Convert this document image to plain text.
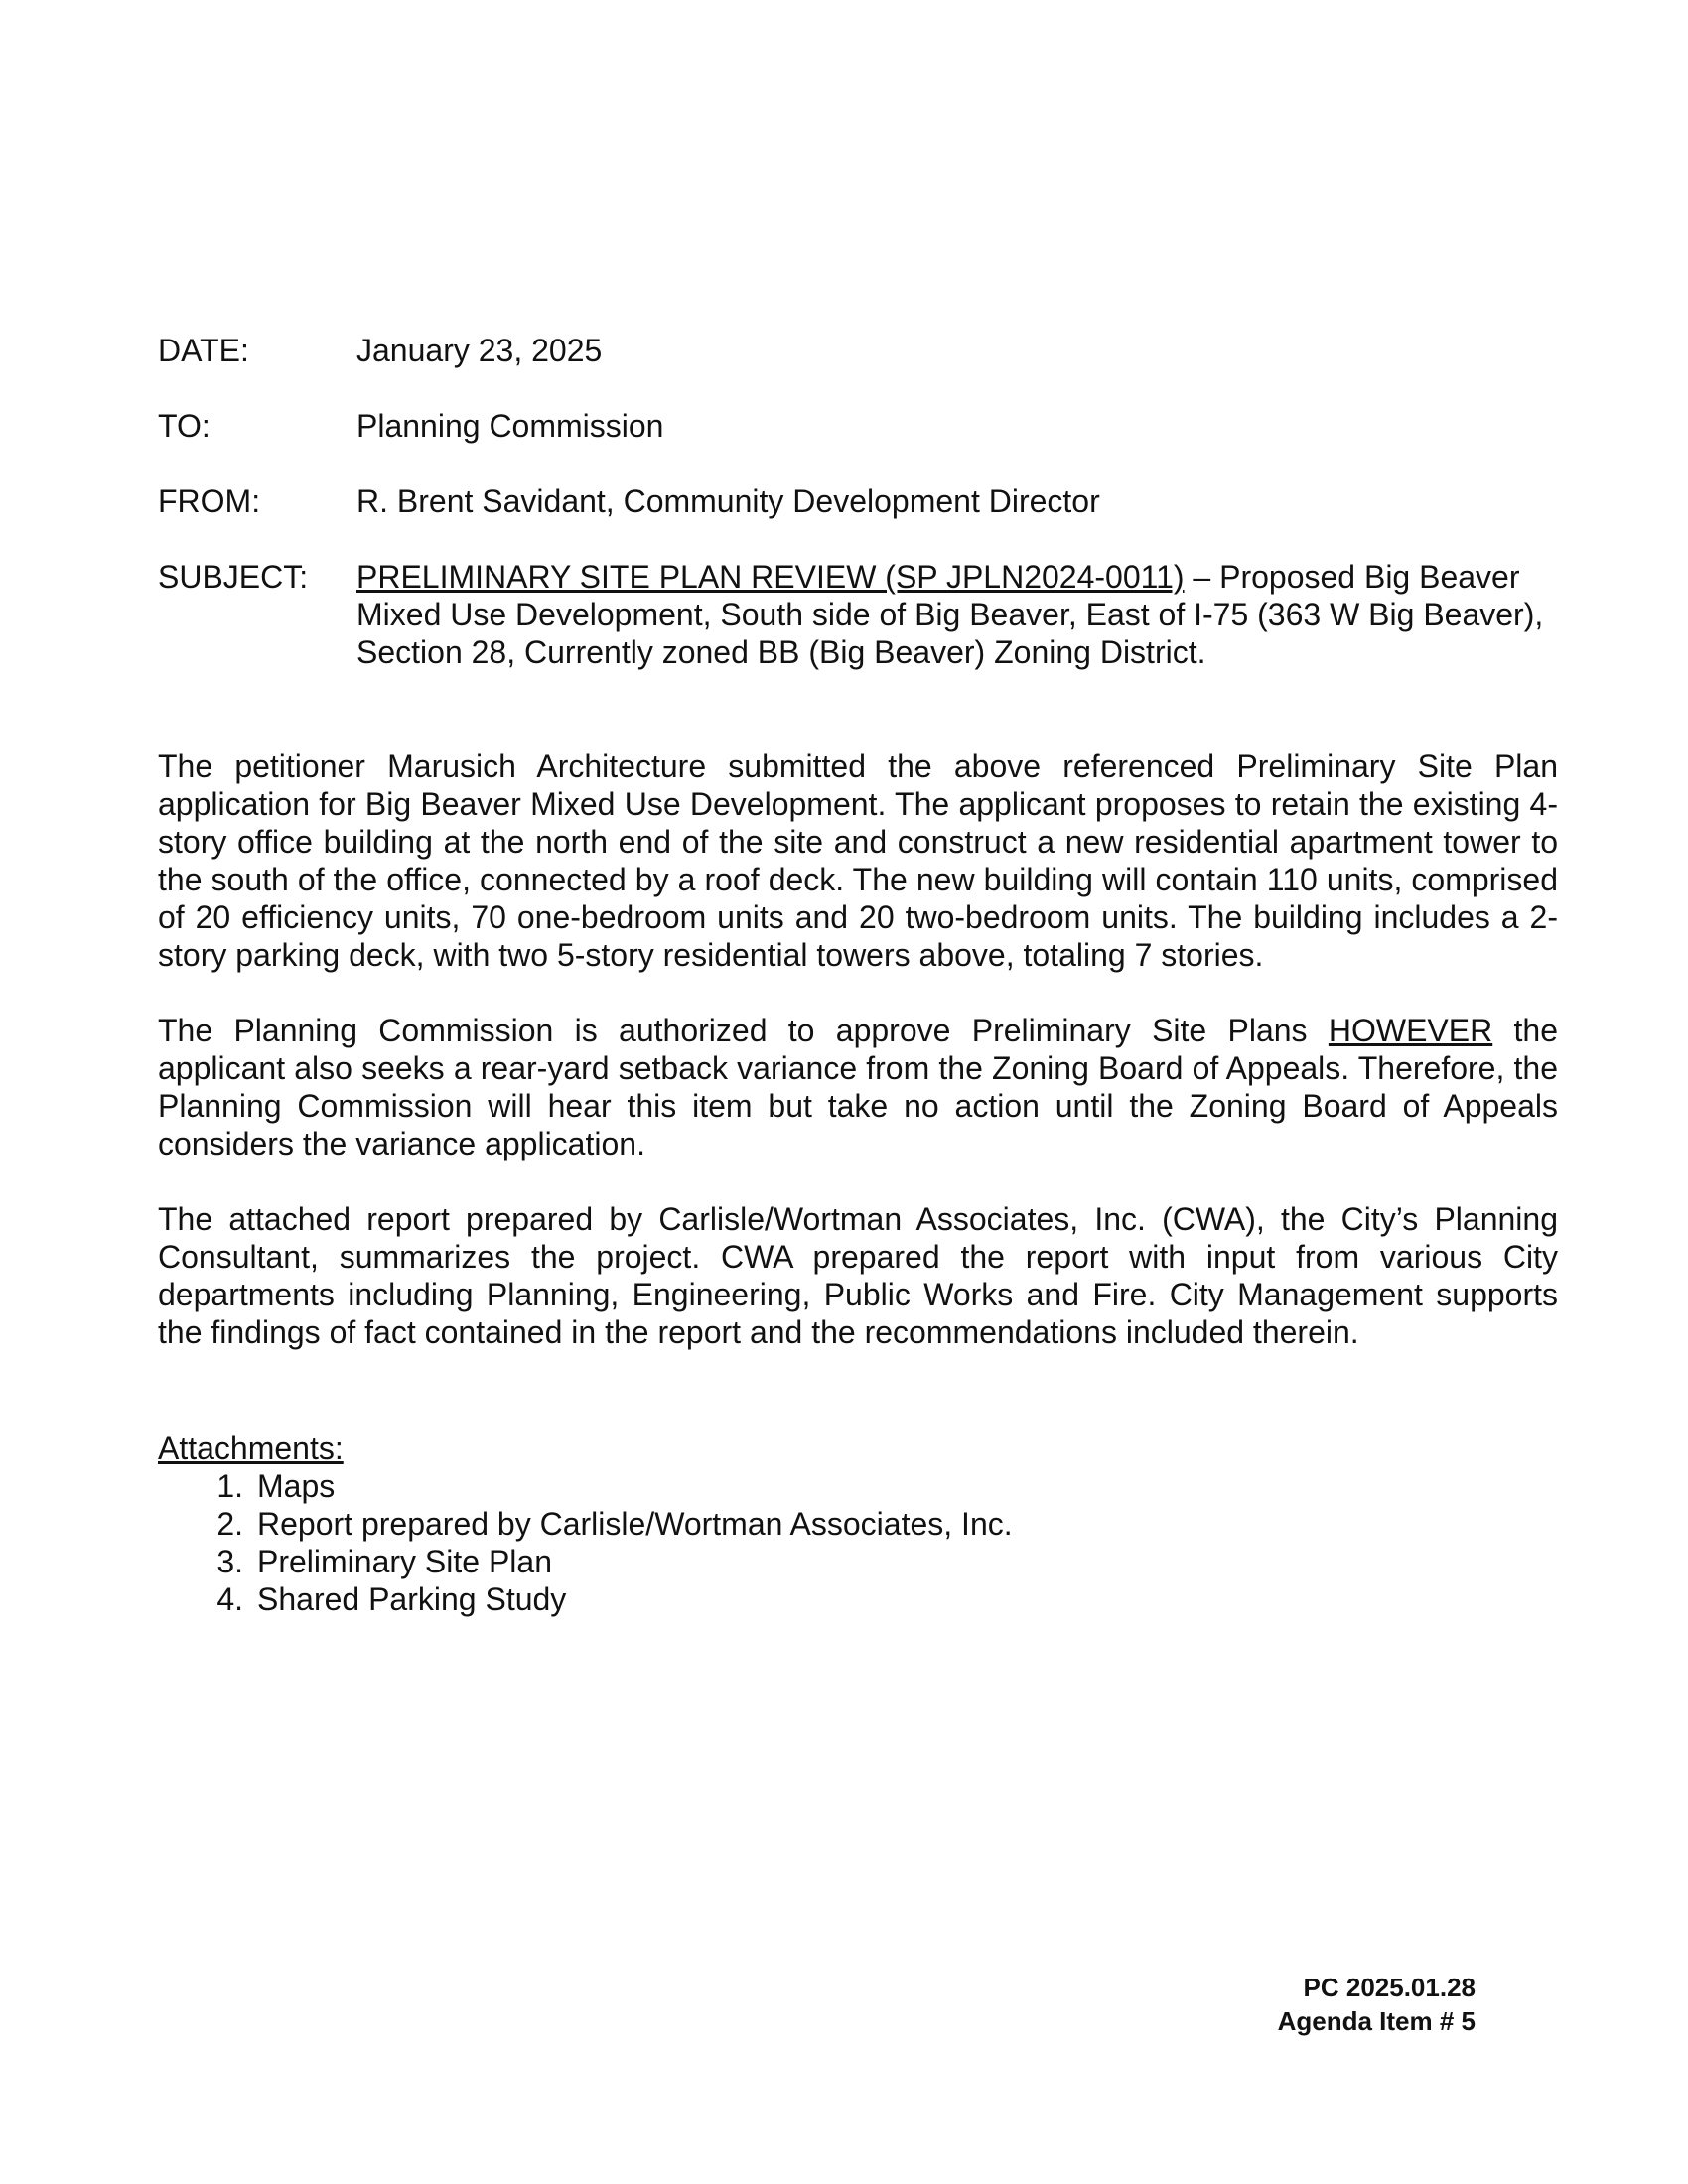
DATE:	January 23, 2025
TO:	Planning Commission
FROM:	R. Brent Savidant, Community Development Director
SUBJECT:	PRELIMINARY SITE PLAN REVIEW (SP JPLN2024-0011) – Proposed Big Beaver Mixed Use Development, South side of Big Beaver, East of I-75 (363 W Big Beaver), Section 28, Currently zoned BB (Big Beaver) Zoning District.

The petitioner Marusich Architecture submitted the above referenced Preliminary Site Plan application for Big Beaver Mixed Use Development. The applicant proposes to retain the existing 4-story office building at the north end of the site and construct a new residential apartment tower to the south of the office, connected by a roof deck. The new building will contain 110 units, comprised of 20 efficiency units, 70 one-bedroom units and 20 two-bedroom units. The building includes a 2-story parking deck, with two 5-story residential towers above, totaling 7 stories.

The Planning Commission is authorized to approve Preliminary Site Plans HOWEVER the applicant also seeks a rear-yard setback variance from the Zoning Board of Appeals. Therefore, the Planning Commission will hear this item but take no action until the Zoning Board of Appeals considers the variance application.

The attached report prepared by Carlisle/Wortman Associates, Inc. (CWA), the City’s Planning Consultant, summarizes the project. CWA prepared the report with input from various City departments including Planning, Engineering, Public Works and Fire. City Management supports the findings of fact contained in the report and the recommendations included therein.

Attachments:
1. Maps
2. Report prepared by Carlisle/Wortman Associates, Inc.
3. Preliminary Site Plan
4. Shared Parking Study
PC 2025.01.28
Agenda Item # 5
